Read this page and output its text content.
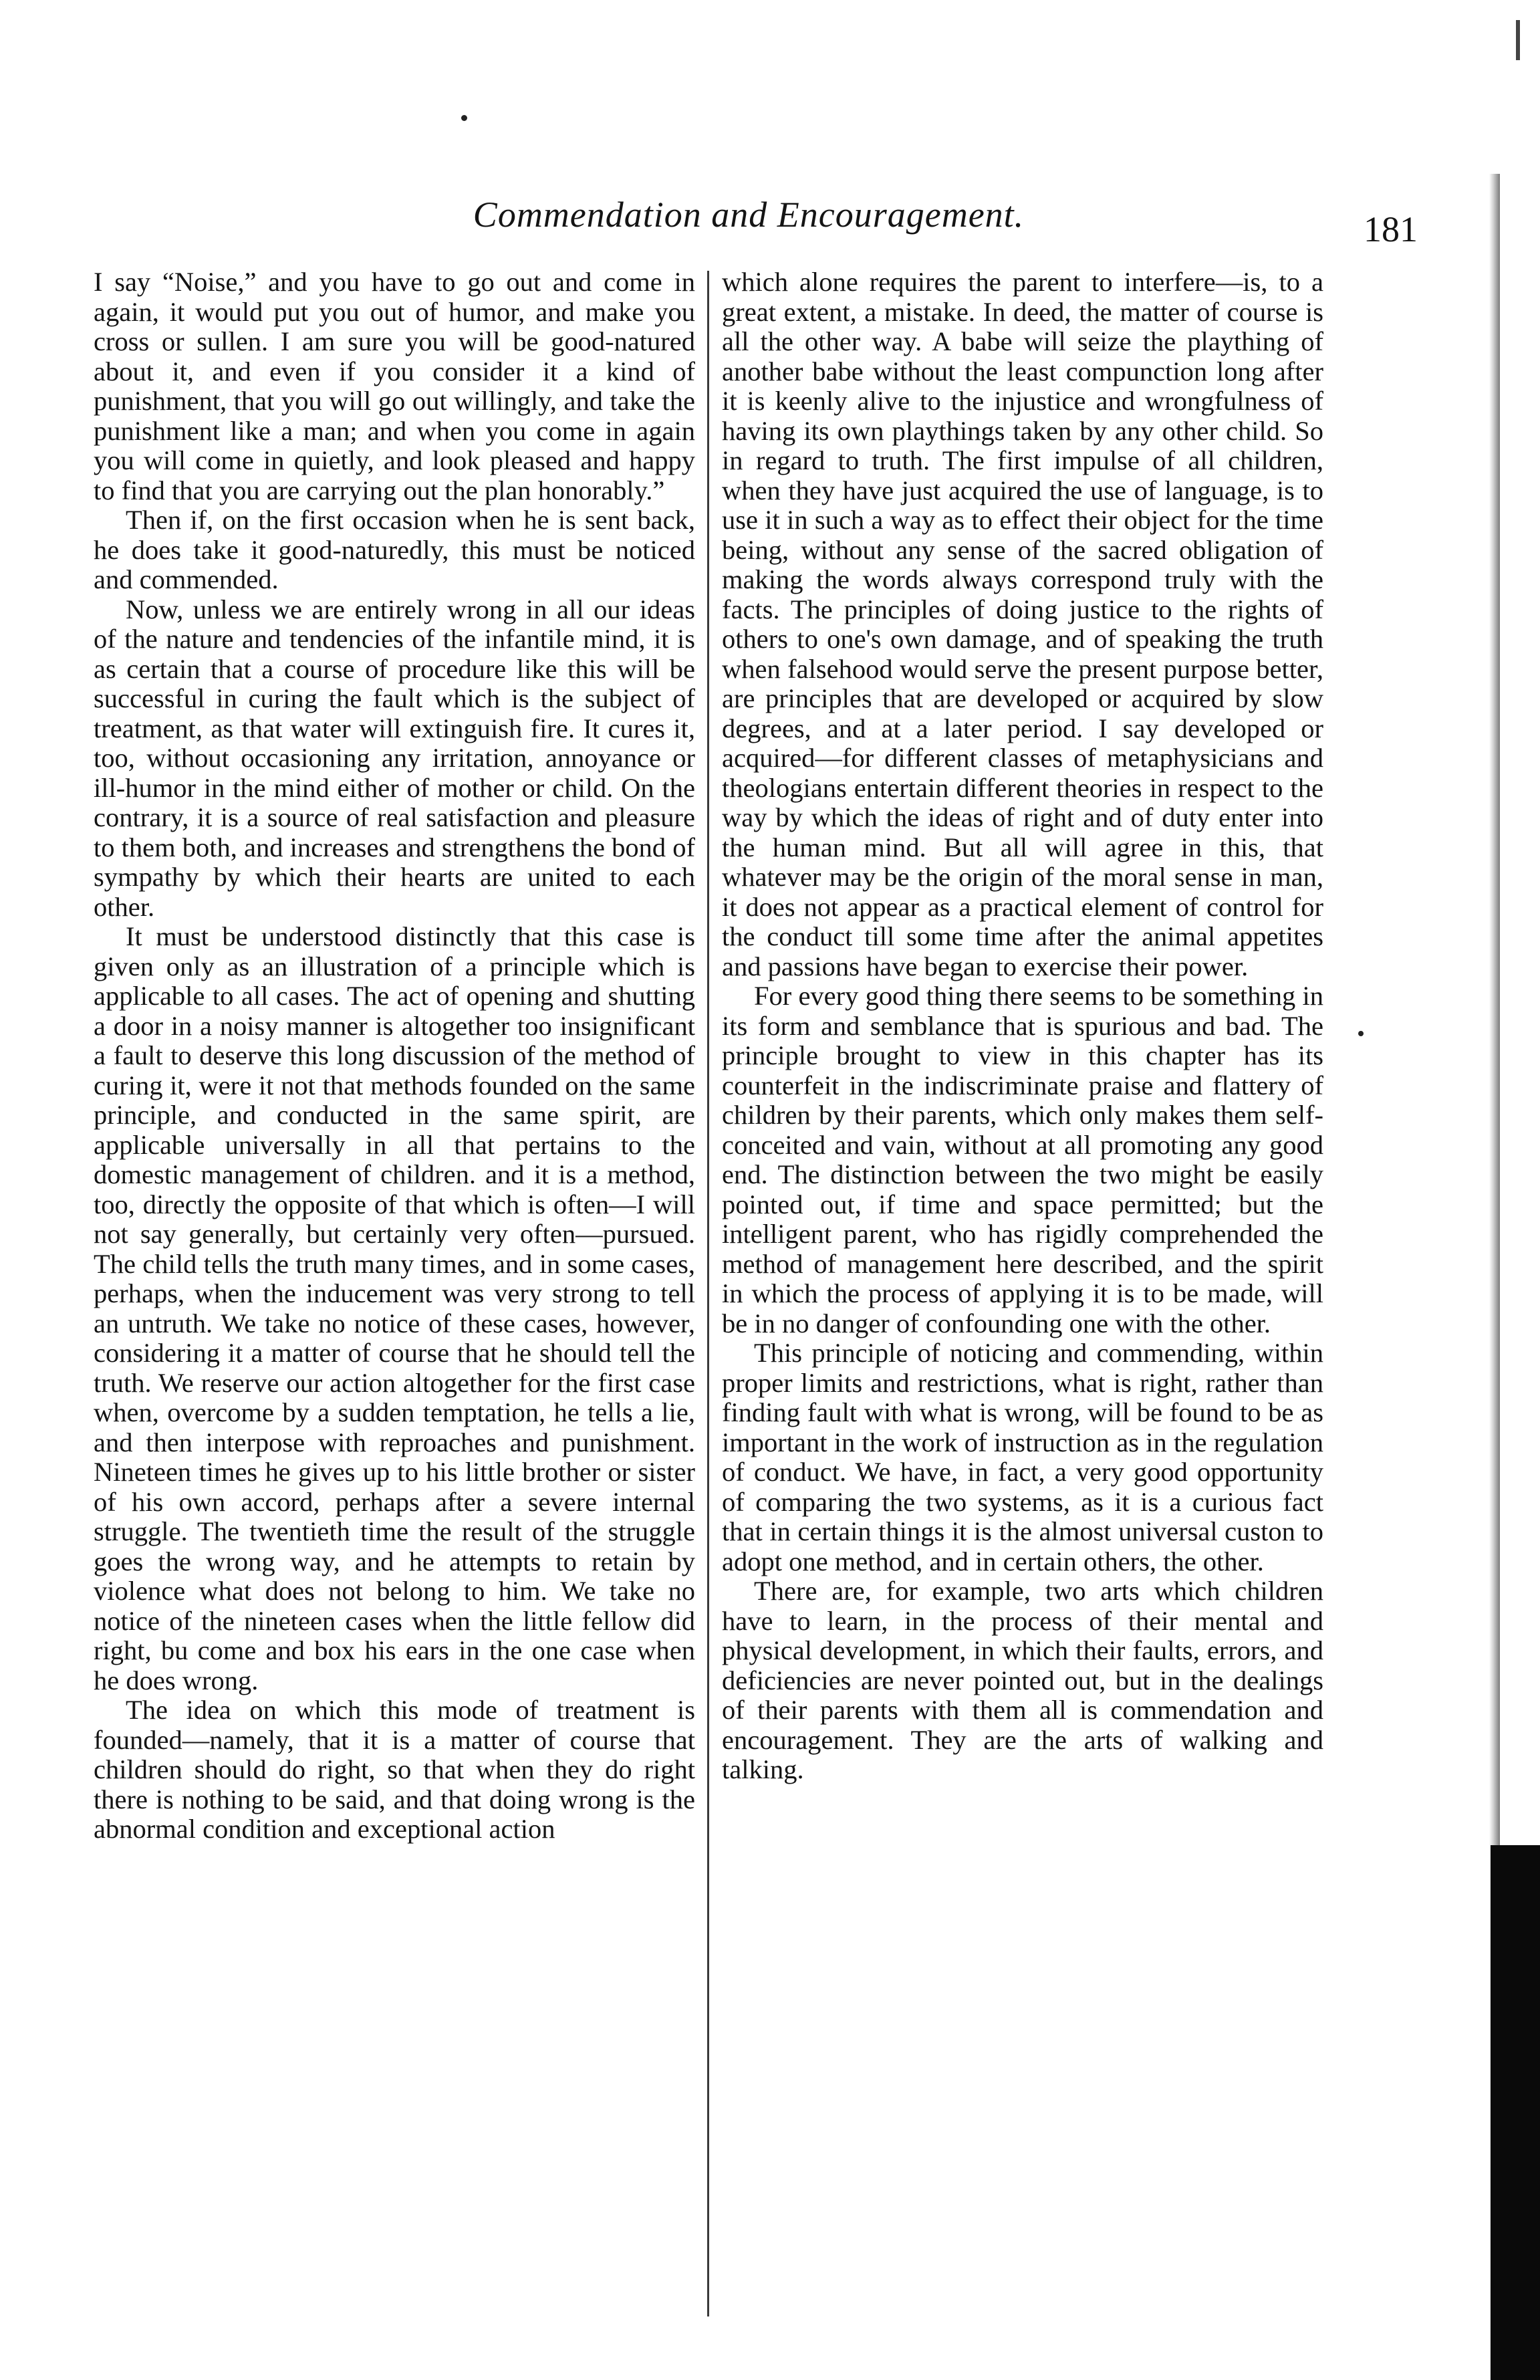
Commendation and Encouragement.	181

I say “Noise,” and you have to go out and come in again, it would put you out of humor, and make you cross or sullen. I am sure you will be good-natured about it, and even if you consider it a kind of punishment, that you will go out willingly, and take the punishment like a man; and when you come in again you will come in quietly, and look pleased and happy to find that you are carrying out the plan honorably.”

Then if, on the first occasion when he is sent back, he does take it good-naturedly, this must be noticed and commended.

Now, unless we are entirely wrong in all our ideas of the nature and tendencies of the infantile mind, it is as certain that a course of procedure like this will be successful in curing the fault which is the subject of treatment, as that water will extinguish fire. It cures it, too, without occasioning any irritation, annoyance or ill-humor in the mind either of mother or child. On the contrary, it is a source of real satisfaction and pleasure to them both, and increases and strengthens the bond of sympathy by which their hearts are united to each other.

It must be understood distinctly that this case is given only as an illustration of a principle which is applicable to all cases. The act of opening and shutting a door in a noisy manner is altogether too insignificant a fault to deserve this long discussion of the method of curing it, were it not that methods founded on the same principle, and conducted in the same spirit, are applicable universally in all that pertains to the domestic management of children. and it is a method, too, directly the opposite of that which is often—I will not say generally, but certainly very often—pursued. The child tells the truth many times, and in some cases, perhaps, when the inducement was very strong to tell an untruth. We take no notice of these cases, however, considering it a matter of course that he should tell the truth. We reserve our action altogether for the first case when, overcome by a sudden temptation, he tells a lie, and then interpose with reproaches and punishment. Nineteen times he gives up to his little brother or sister of his own accord, perhaps after a severe internal struggle. The twentieth time the result of the struggle goes the wrong way, and he attempts to retain by violence what does not belong to him. We take no notice of the nineteen cases when the little fellow did right, bu come and box his ears in the one case when he does wrong.

The idea on which this mode of treatment is founded—namely, that it is a matter of course that children should do right, so that when they do right there is nothing to be said, and that doing wrong is the abnormal condition and exceptional action

which alone requires the parent to interfere—is, to a great extent, a mistake. In deed, the matter of course is all the other way. A babe will seize the plaything of another babe without the least compunction long after it is keenly alive to the injustice and wrongfulness of having its own playthings taken by any other child. So in regard to truth. The first impulse of all children, when they have just acquired the use of language, is to use it in such a way as to effect their object for the time being, without any sense of the sacred obligation of making the words always correspond truly with the facts. The principles of doing justice to the rights of others to one's own damage, and of speaking the truth when falsehood would serve the present purpose better, are principles that are developed or acquired by slow degrees, and at a later period. I say developed or acquired—for different classes of metaphysicians and theologians entertain different theories in respect to the way by which the ideas of right and of duty enter into the human mind. But all will agree in this, that whatever may be the origin of the moral sense in man, it does not appear as a practical element of control for the conduct till some time after the animal appetites and passions have began to exercise their power.

For every good thing there seems to be something in its form and semblance that is spurious and bad. The principle brought to view in this chapter has its counterfeit in the indiscriminate praise and flattery of children by their parents, which only makes them self-conceited and vain, without at all promoting any good end. The distinction between the two might be easily pointed out, if time and space permitted; but the intelligent parent, who has rigidly comprehended the method of management here described, and the spirit in which the process of applying it is to be made, will be in no danger of confounding one with the other.

This principle of noticing and commending, within proper limits and restrictions, what is right, rather than finding fault with what is wrong, will be found to be as important in the work of instruction as in the regulation of conduct. We have, in fact, a very good opportunity of comparing the two systems, as it is a curious fact that in certain things it is the almost universal custon to adopt one method, and in certain others, the other.

There are, for example, two arts which children have to learn, in the process of their mental and physical development, in which their faults, errors, and deficiencies are never pointed out, but in the dealings of their parents with them all is commendation and encouragement. They are the arts of walking and talking.
